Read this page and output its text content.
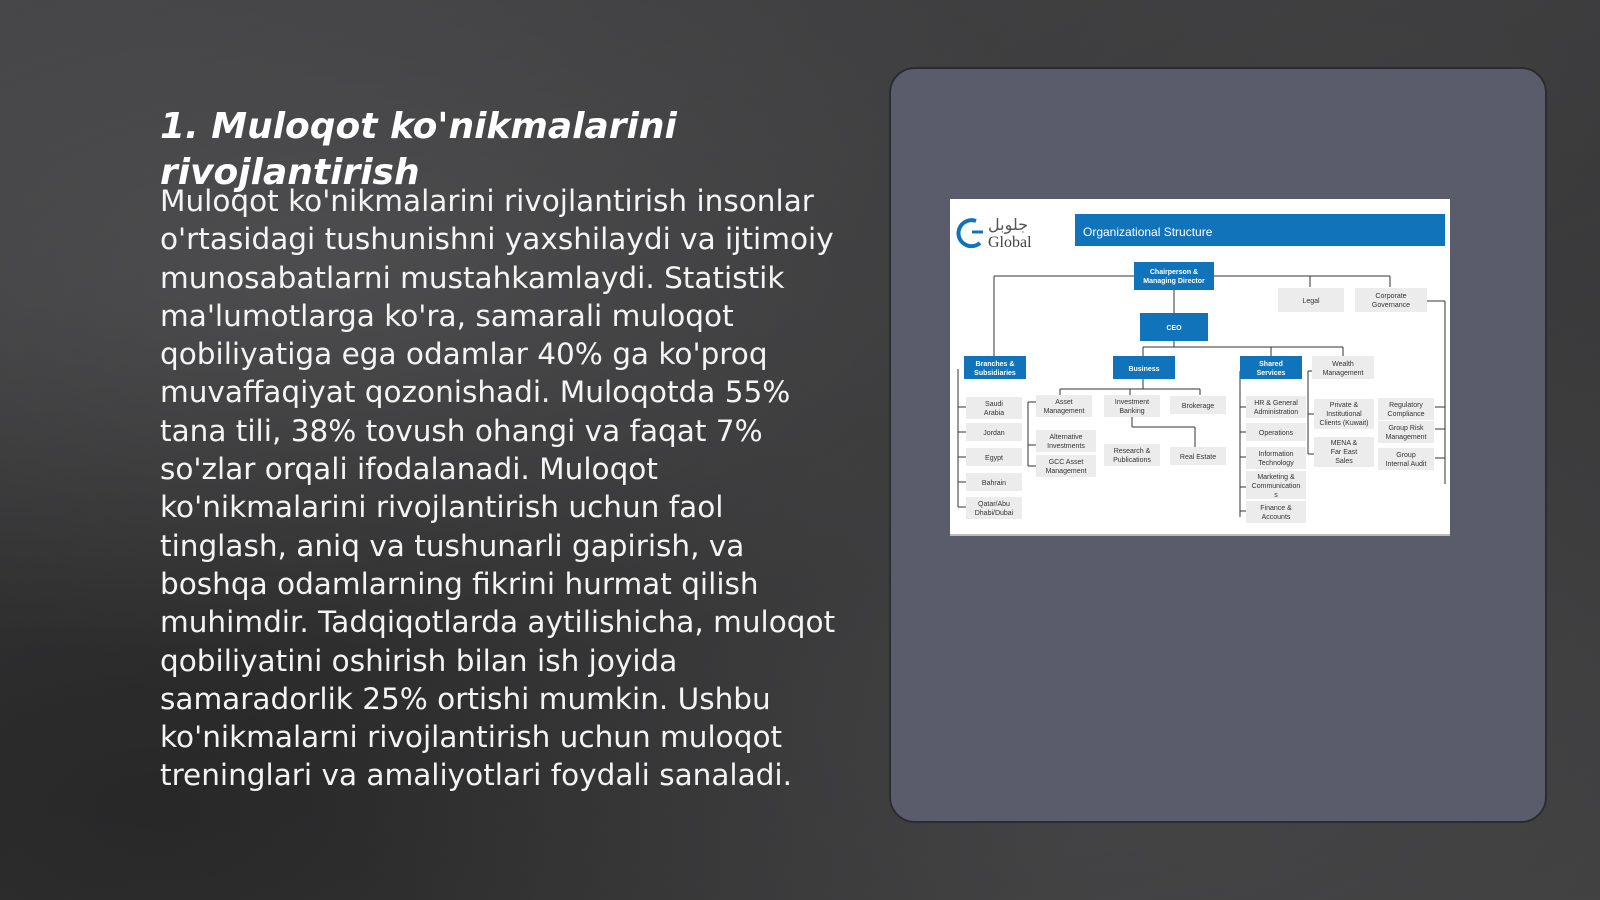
1. Muloqot ko'nikmalarini rivojlantirish

Muloqot ko'nikmalarini rivojlantirish insonlar o'rtasidagi tushunishni yaxshilaydi va ijtimoiy munosabatlarni mustahkamlaydi. Statistik ma'lumotlarga ko'ra, samarali muloqot qobiliyatiga ega odamlar 40% ga ko'proq muvaffaqiyat qozonishadi. Muloqotda 55% tana tili, 38% tovush ohangi va faqat 7% so'zlar orqali ifodalanadi. Muloqot ko'nikmalarini rivojlantirish uchun faol tinglash, aniq va tushunarli gapirish, va boshqa odamlarning fikrini hurmat qilish muhimdir. Tadqiqotlarda aytilishicha, muloqot qobiliyatini oshirish bilan ish joyida samaradorlik 25% ortishi mumkin. Ushbu ko'nikmalarni rivojlantirish uchun muloqot treninglari va amaliyotlari foydali sanaladi.

جلوبل
Global
Organizational Structure
Chairperson &
Managing Director
Legal
Corporate
Governance
CEO
Branches &
Subsidiaries
Business
Shared
Services
Wealth
Management
Saudi
Arabia
Jordan
Egypt
Bahrain
Qatar/Abu
Dhabi/Dubai
Asset
Management
Alternative
Investments
GCC Asset
Management
Investment
Banking
Research &
Publications
Brokerage
Real Estate
HR & General
Administration
Operations
Information
Technology
Marketing &
Communication
s
Finance &
Accounts
Private &
Institutional
Clients (Kuwait)
MENA &
Far East
Sales
Regulatory
Compliance
Group Risk
Management
Group
Internal Audit
